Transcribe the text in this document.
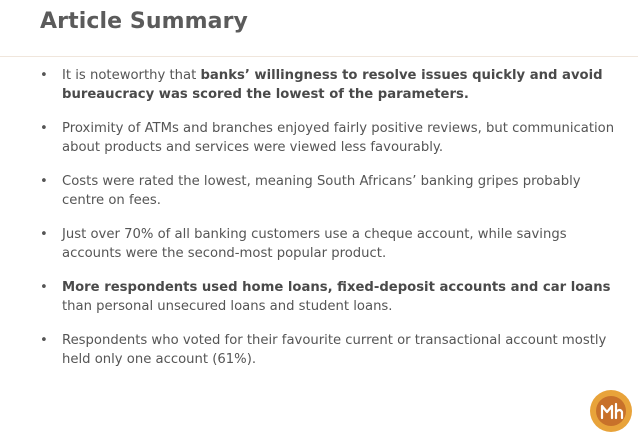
Article Summary
• It is noteworthy that banks’ willingness to resolve issues quickly and avoid bureaucracy was scored the lowest of the parameters.
• Proximity of ATMs and branches enjoyed fairly positive reviews, but communication about products and services were viewed less favourably.
• Costs were rated the lowest, meaning South Africans’ banking gripes probably centre on fees.
• Just over 70% of all banking customers use a cheque account, while savings accounts were the second-most popular product.
• More respondents used home loans, fixed-deposit accounts and car loans than personal unsecured loans and student loans.
• Respondents who voted for their favourite current or transactional account mostly held only one account (61%).
